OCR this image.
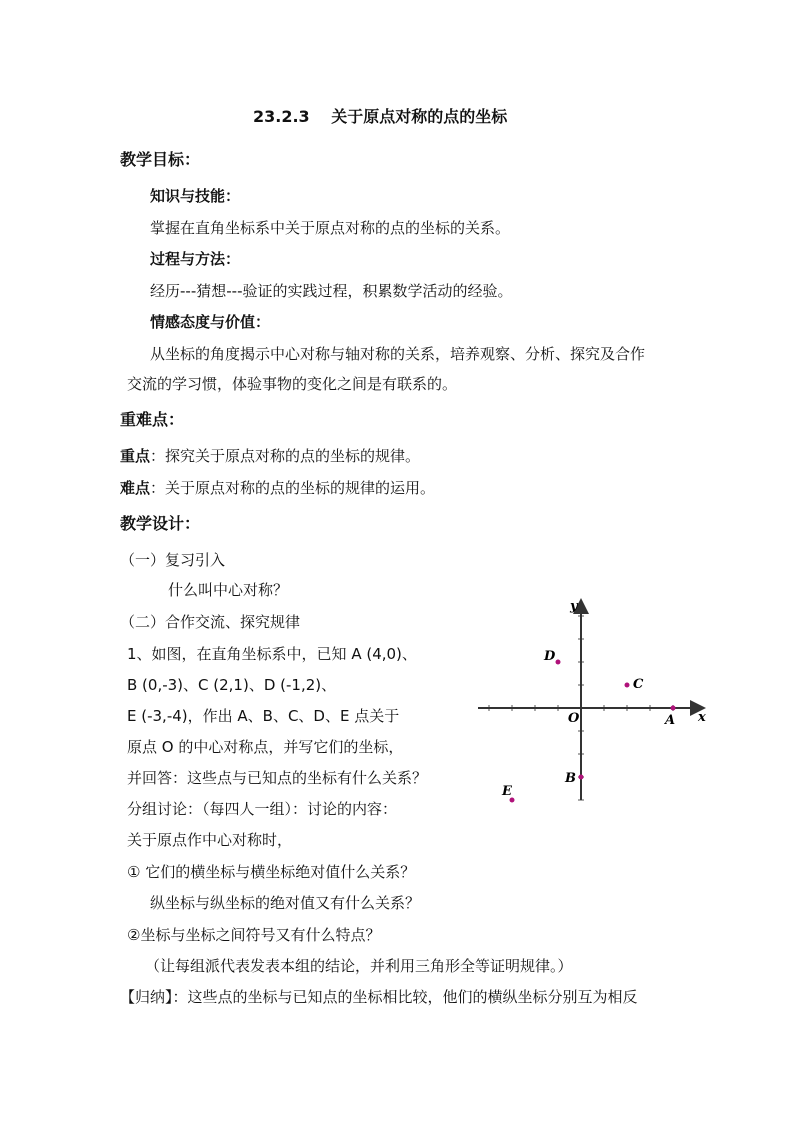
23.2.3　 关于原点对称的点的坐标
教学目标：
知识与技能：
掌握在直角坐标系中关于原点对称的点的坐标的关系。
过程与方法：
经历---猜想---验证的实践过程，积累数学活动的经验。
情感态度与价值：
从坐标的角度揭示中心对称与轴对称的关系，培养观察、分析、探究及合作
交流的学习惯，体验事物的变化之间是有联系的。
重难点：
重点：探究关于原点对称的点的坐标的规律。
难点：关于原点对称的点的坐标的规律的运用。
教学设计：
（一）复习引入
什么叫中心对称？
（二）合作交流、探究规律
1、如图，在直角坐标系中，已知 A (4,0)、
B (0,-3)、C (2,1)、D (-1,2)、
E (-3,-4)，作出 A、B、C、D、E 点关于
原点 O 的中心对称点，并写它们的坐标，
并回答：这些点与已知点的坐标有什么关系？
分组讨论：（每四人一组）：讨论的内容：
关于原点作中心对称时，
① 它们的横坐标与横坐标绝对值什么关系？
纵坐标与纵坐标的绝对值又有什么关系？
②坐标与坐标之间符号又有什么特点？
（让每组派代表发表本组的结论，并利用三角形全等证明规律。）
【归纳】：这些点的坐标与已知点的坐标相比较，他们的横纵坐标分别互为相反
x
y
O	A
B
C
D
E
